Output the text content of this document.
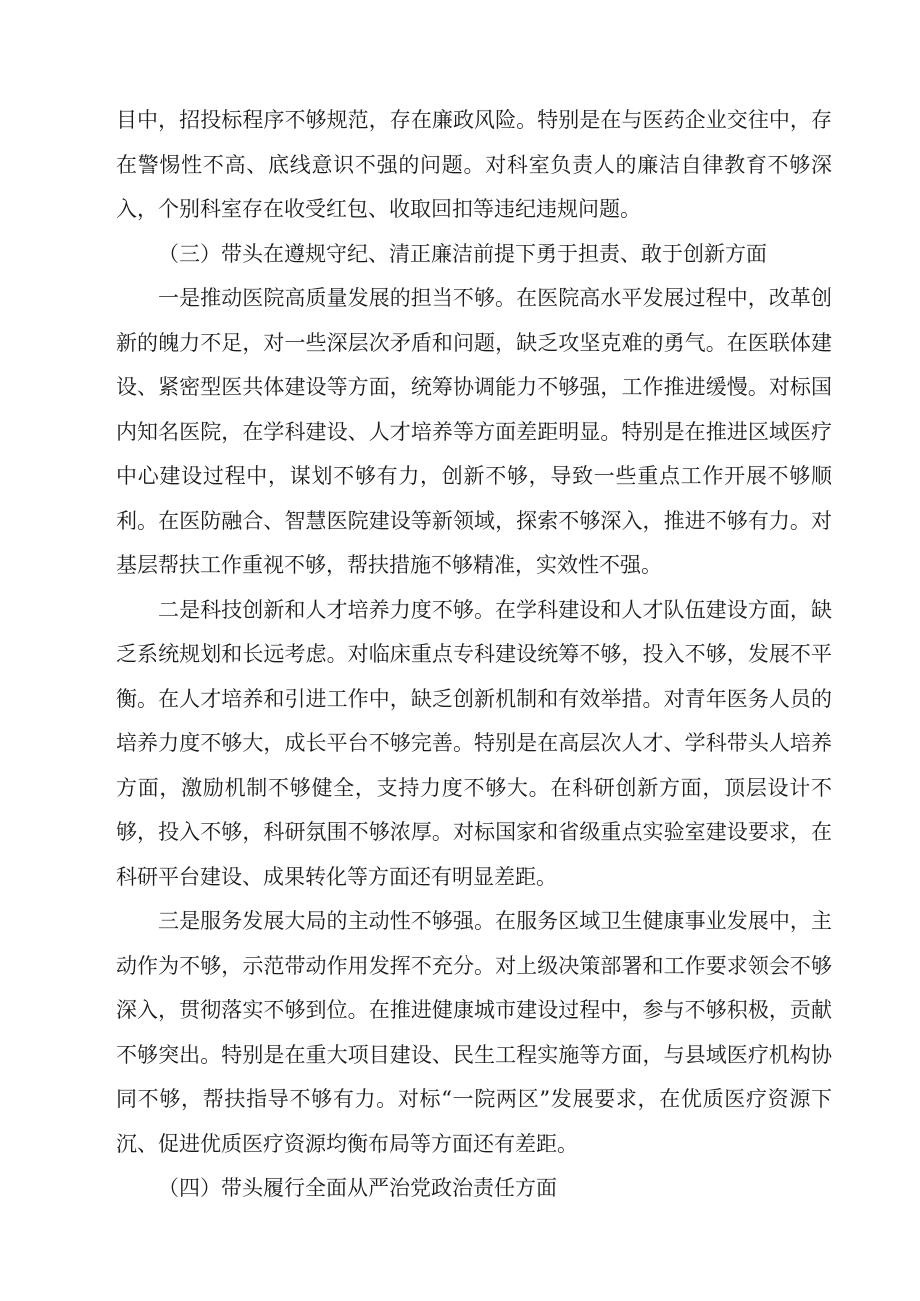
目中，招投标程序不够规范，存在廉政风险。特别是在与医药企业交往中，存在警惕性不高、底线意识不强的问题。对科室负责人的廉洁自律教育不够深入，个别科室存在收受红包、收取回扣等违纪违规问题。

（三）带头在遵规守纪、清正廉洁前提下勇于担责、敢于创新方面

一是推动医院高质量发展的担当不够。在医院高水平发展过程中，改革创新的魄力不足，对一些深层次矛盾和问题，缺乏攻坚克难的勇气。在医联体建设、紧密型医共体建设等方面，统筹协调能力不够强，工作推进缓慢。对标国内知名医院，在学科建设、人才培养等方面差距明显。特别是在推进区域医疗中心建设过程中，谋划不够有力，创新不够，导致一些重点工作开展不够顺利。在医防融合、智慧医院建设等新领域，探索不够深入，推进不够有力。对基层帮扶工作重视不够，帮扶措施不够精准，实效性不强。

二是科技创新和人才培养力度不够。在学科建设和人才队伍建设方面，缺乏系统规划和长远考虑。对临床重点专科建设统筹不够，投入不够，发展不平衡。在人才培养和引进工作中，缺乏创新机制和有效举措。对青年医务人员的培养力度不够大，成长平台不够完善。特别是在高层次人才、学科带头人培养方面，激励机制不够健全，支持力度不够大。在科研创新方面，顶层设计不够，投入不够，科研氛围不够浓厚。对标国家和省级重点实验室建设要求，在科研平台建设、成果转化等方面还有明显差距。

三是服务发展大局的主动性不够强。在服务区域卫生健康事业发展中，主动作为不够，示范带动作用发挥不充分。对上级决策部署和工作要求领会不够深入，贯彻落实不够到位。在推进健康城市建设过程中，参与不够积极，贡献不够突出。特别是在重大项目建设、民生工程实施等方面，与县域医疗机构协同不够，帮扶指导不够有力。对标“一院两区”发展要求，在优质医疗资源下沉、促进优质医疗资源均衡布局等方面还有差距。

（四）带头履行全面从严治党政治责任方面
